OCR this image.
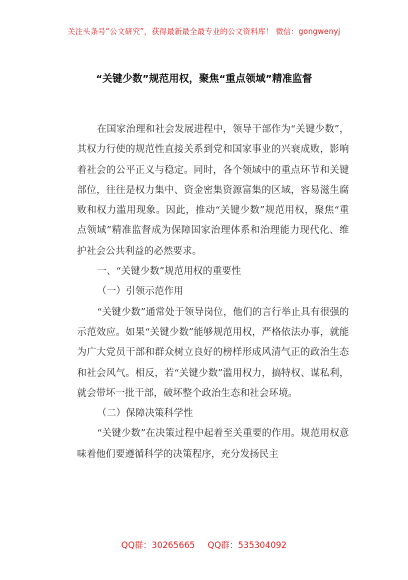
关注头条号“公文研究”，获得最新最全最专业的公文资料库！ 微信：gongwenyj
“关键少数”规范用权，聚焦“重点领域”精准监督

在国家治理和社会发展进程中，领导干部作为“关键少数”，其权力行使的规范性直接关系到党和国家事业的兴衰成败，影响着社会的公平正义与稳定。同时，各个领域中的重点环节和关键部位，往往是权力集中、资金密集资源富集的区域，容易滋生腐败和权力滥用现象。因此，推动“关键少数”规范用权，聚焦“重点领域”精准监督成为保障国家治理体系和治理能力现代化、维护社会公共利益的必然要求。

一、“关键少数”规范用权的重要性

（一）引领示范作用

“关键少数”通常处于领导岗位，他们的言行举止具有很强的示范效应。如果“关键少数”能够规范用权，严格依法办事，就能为广大党员干部和群众树立良好的榜样形成风清气正的政治生态和社会风气。相反，若“关键少数”滥用权力，搞特权、谋私利，就会带坏一批干部，破坏整个政治生态和社会环境。

（二）保障决策科学性

“关键少数”在决策过程中起着至关重要的作用。规范用权意味着他们要遵循科学的决策程序，充分发扬民主

QQ群：30265665 QQ群：535304092
